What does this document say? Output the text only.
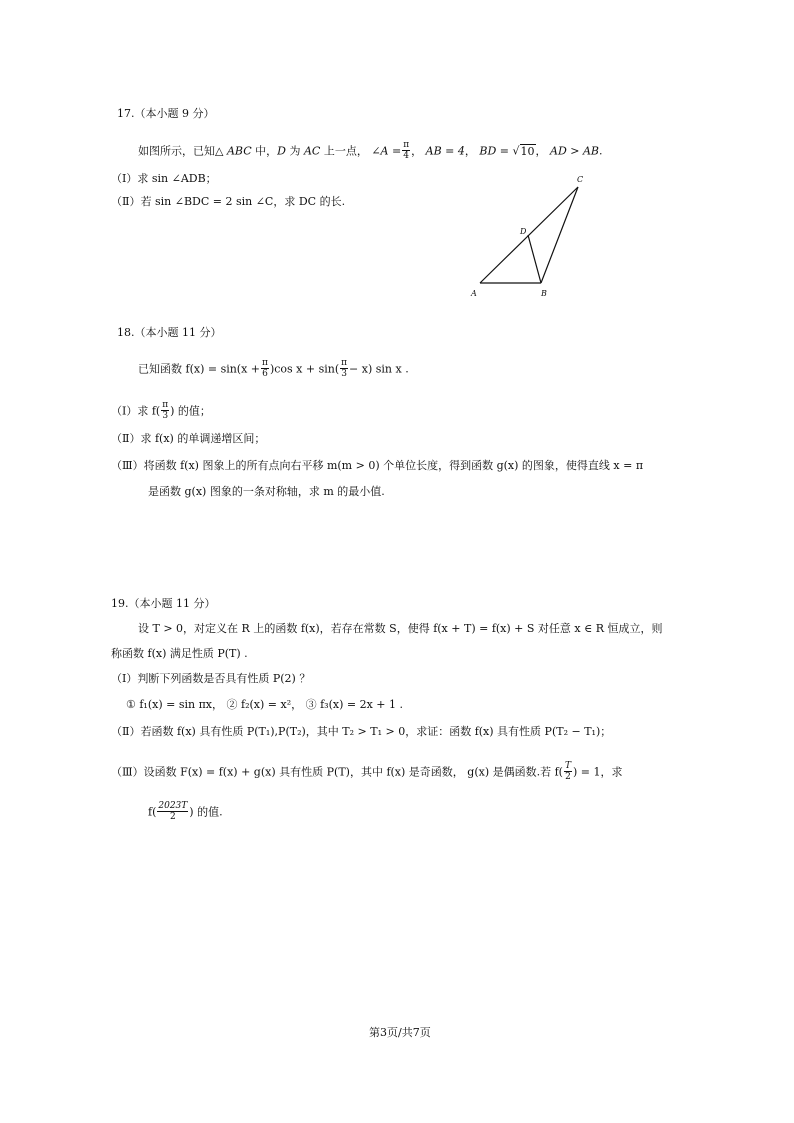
17.（本小题 9 分）
如图所示，已知△ ABC 中，D 为 AC 上一点， ∠A = $\frac{\pi}{4}$ ， AB = 4， BD = √10， AD > AB.
（Ⅰ）求 sin ∠ADB；
（Ⅱ）若 sin ∠BDC = 2 sin ∠C，求 DC 的长.
C
D
A	B
18.（本小题 11 分）
已知函数 $f(x) = \sin(x + \frac{\pi}{6} )\cos$ $x + \sin( \frac{\pi}{3} - x)$ sin x .
（Ⅰ）求 $f( \frac{\pi}{3}$ ) 的值；
（Ⅱ）求 f(x) 的单调递增区间；
（Ⅲ）将函数 f(x) 图象上的所有点向右平移 m(m > 0) 个单位长度，得到函数 g(x) 的图象，使得直线 x = π
是函数 g(x) 图象的一条对称轴，求 m 的最小值.
19.（本小题 11 分）
设 T > 0，对定义在 R 上的函数 f(x)，若存在常数 S，使得 f(x + T) = f(x) + S 对任意 x ∈ R 恒成立，则
称函数 f(x) 满足性质 P(T) .
（Ⅰ）判断下列函数是否具有性质 P(2) ？
① f₁(x) = sin πx， ② f₂(x) = x²， ③ f₃(x) = 2x + 1 .
（Ⅱ）若函数 f(x) 具有性质 P(T₁),P(T₂)，其中 T₂ > T₁ > 0，求证：函数 f(x) 具有性质 P(T₂ − T₁)；
（Ⅲ）设函数 F(x) = f(x) + g(x) 具有性质 P(T)，其中 f(x) 是奇函数， g(x) 是偶函数.若 $f( \frac{T}{2}$ ) = 1，求
$f( \frac{2023T}{2}$ ) 的值.
第3页/共7页
